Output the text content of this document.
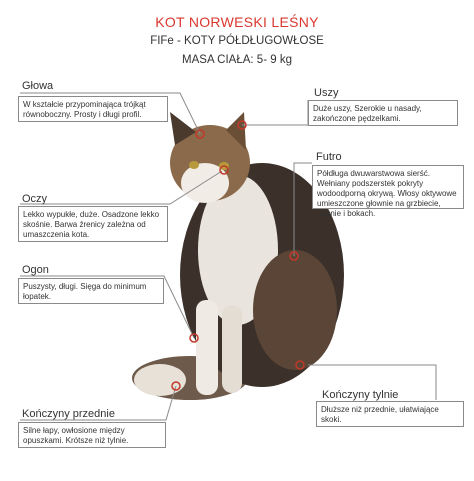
KOT NORWESKI LEŚNY
FIFe - KOTY PÓŁDŁUGOWŁOSE
MASA CIAŁA: 5- 9 kg
Głowa
W kształcie przypominająca trójkąt równoboczny. Prosty i długi profil.
Uszy
Duże uszy, Szerokie u nasady, zakończone pędzelkami.
Futro
Półdługa dwuwarstwowa sierść. Wełniany podszerstek pokryty wodoodporną okrywą. Włosy oktywowe umieszczone głownie na grzbiecie, ogonie i bokach.
Oczy
Lekko wypukłe, duże. Osadzone lekko skośnie. Barwa źrenicy zależna od umaszczenia kota.
Ogon
Puszysty, długi. Sięga do minimum łopatek.
Kończyny tylnie
Dłuższe niż przednie, ułatwiające skoki.
Kończyny przednie
Silne łapy, owłosione między opuszkami. Krótsze niż tylnie.
